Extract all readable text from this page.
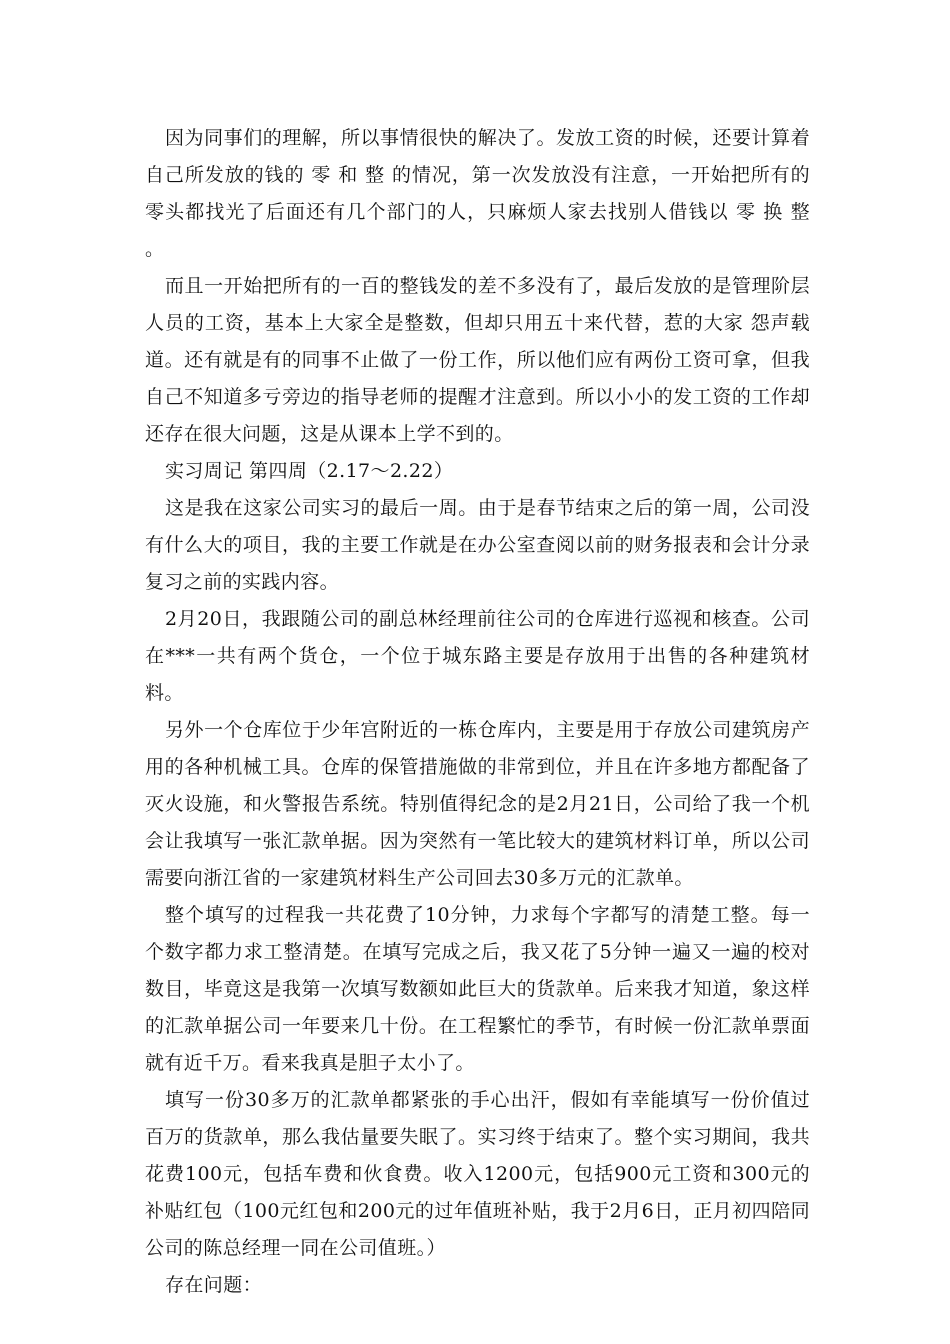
因为同事们的理解，所以事情很快的解决了。发放工资的时候，还要计算着自己所发放的钱的 零 和 整 的情况，第一次发放没有注意，一开始把所有的零头都找光了后面还有几个部门的人，只麻烦人家去找别人借钱以 零 换 整 。

而且一开始把所有的一百的整钱发的差不多没有了，最后发放的是管理阶层人员的工资，基本上大家全是整数，但却只用五十来代替，惹的大家 怨声载道。还有就是有的同事不止做了一份工作，所以他们应有两份工资可拿，但我自己不知道多亏旁边的指导老师的提醒才注意到。所以小小的发工资的工作却还存在很大问题，这是从课本上学不到的。

实习周记 第四周（2.17～2.22）

这是我在这家公司实习的最后一周。由于是春节结束之后的第一周，公司没有什么大的项目，我的主要工作就是在办公室查阅以前的财务报表和会计分录复习之前的实践内容。

2月20日，我跟随公司的副总林经理前往公司的仓库进行巡视和核查。公司在***一共有两个货仓，一个位于城东路主要是存放用于出售的各种建筑材料。

另外一个仓库位于少年宫附近的一栋仓库内，主要是用于存放公司建筑房产用的各种机械工具。仓库的保管措施做的非常到位，并且在许多地方都配备了灭火设施，和火警报告系统。特别值得纪念的是2月21日，公司给了我一个机会让我填写一张汇款单据。因为突然有一笔比较大的建筑材料订单，所以公司需要向浙江省的一家建筑材料生产公司回去30多万元的汇款单。

整个填写的过程我一共花费了10分钟，力求每个字都写的清楚工整。每一个数字都力求工整清楚。在填写完成之后，我又花了5分钟一遍又一遍的校对数目，毕竟这是我第一次填写数额如此巨大的货款单。后来我才知道，象这样的汇款单据公司一年要来几十份。在工程繁忙的季节，有时候一份汇款单票面就有近千万。看来我真是胆子太小了。

填写一份30多万的汇款单都紧张的手心出汗，假如有幸能填写一份价值过百万的货款单，那么我估量要失眠了。实习终于结束了。整个实习期间，我共花费100元，包括车费和伙食费。收入1200元，包括900元工资和300元的补贴红包（100元红包和200元的过年值班补贴，我于2月6日，正月初四陪同公司的陈总经理一同在公司值班。）

存在问题：
